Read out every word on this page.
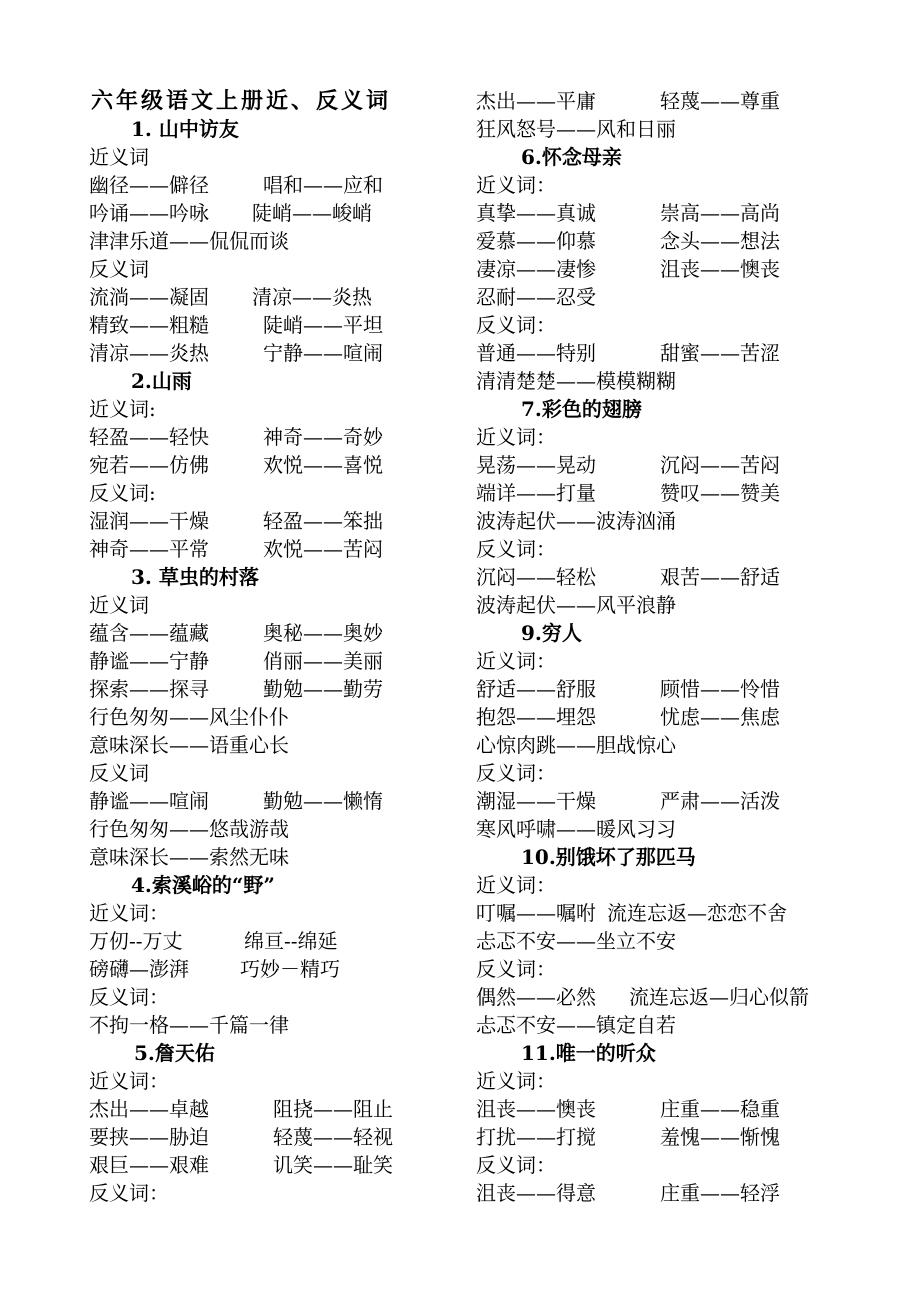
六年级语文上册近、反义词
1. 山中访友
近义词
幽径——僻径	唱和——应和
吟诵——吟咏 陡峭——峻峭
津津乐道——侃侃而谈
反义词
流淌——凝固 清凉——炎热
精致——粗糙	陡峭——平坦
清凉——炎热	宁静——喧闹
2.山雨
近义词:
轻盈——轻快	神奇——奇妙
宛若——仿佛	欢悦——喜悦
反义词:
湿润——干燥	轻盈——笨拙
神奇——平常	欢悦——苦闷
3. 草虫的村落
近义词
蕴含——蕴藏	奥秘——奥妙
静谧——宁静	俏丽——美丽
探索——探寻	勤勉——勤劳
行色匆匆——风尘仆仆
意味深长——语重心长
反义词
静谧——喧闹	勤勉——懒惰
行色匆匆——悠哉游哉
意味深长——索然无味
4.索溪峪的“野”
近义词：
万仞--万丈	绵亘--绵延
磅礴—澎湃	巧妙－精巧
反义词：
不拘一格——千篇一律
5.詹天佑
近义词：
杰出——卓越	阻挠——阻止
要挟——胁迫	轻蔑——轻视
艰巨——艰难	讥笑——耻笑
反义词：
杰出——平庸	轻蔑——尊重
狂风怒号——风和日丽
6.怀念母亲
近义词：
真挚——真诚	崇高——高尚
爱慕——仰慕	念头——想法
凄凉——凄惨	沮丧——懊丧
忍耐——忍受
反义词：
普通——特别	甜蜜——苦涩
清清楚楚——模模糊糊
7.彩色的翅膀
近义词：
晃荡——晃动	沉闷——苦闷
端详——打量	赞叹——赞美
波涛起伏——波涛汹涌
反义词：
沉闷——轻松	艰苦——舒适
波涛起伏——风平浪静
9.穷人
近义词：
舒适——舒服	顾惜——怜惜
抱怨——埋怨	忧虑——焦虑
心惊肉跳——胆战惊心
反义词：
潮湿——干燥	严肃——活泼
寒风呼啸——暖风习习
10.别饿坏了那匹马
近义词：
叮嘱——嘱咐 流连忘返—恋恋不舍
忐忑不安——坐立不安
反义词：
偶然——必然 流连忘返—归心似箭
忐忑不安——镇定自若
11.唯一的听众
近义词：
沮丧——懊丧	庄重——稳重
打扰——打搅	羞愧——惭愧
反义词：
沮丧——得意	庄重——轻浮
